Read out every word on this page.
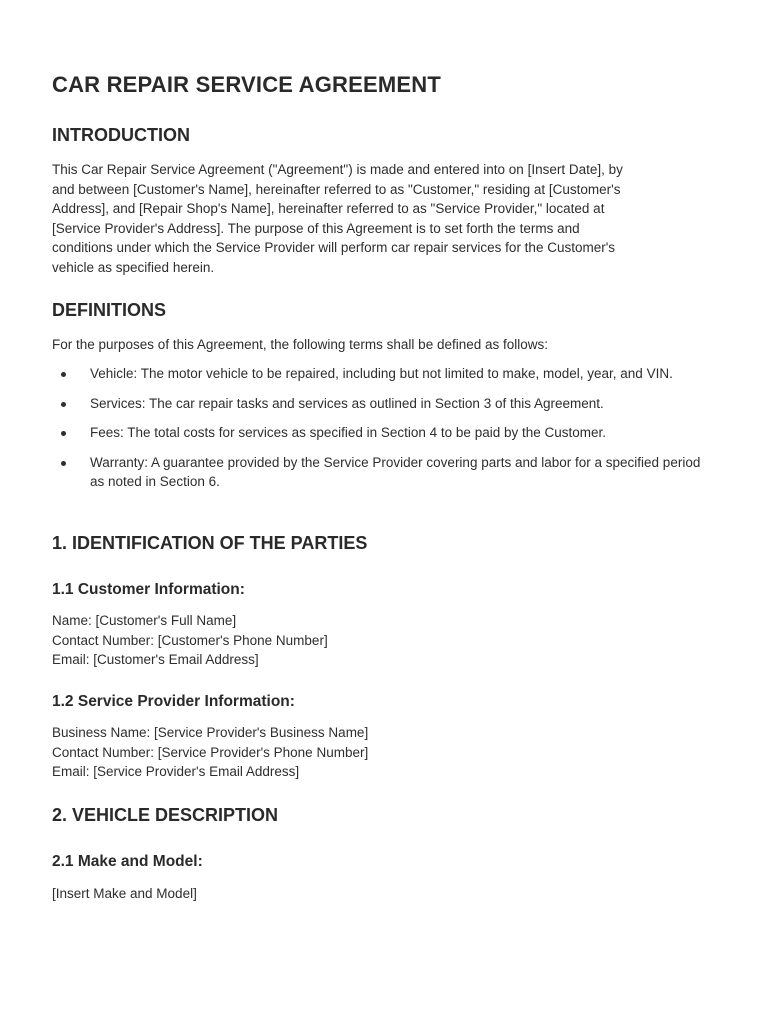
CAR REPAIR SERVICE AGREEMENT
INTRODUCTION
This Car Repair Service Agreement ("Agreement") is made and entered into on [Insert Date], by
and between [Customer's Name], hereinafter referred to as "Customer," residing at [Customer's
Address], and [Repair Shop's Name], hereinafter referred to as "Service Provider," located at
[Service Provider's Address]. The purpose of this Agreement is to set forth the terms and
conditions under which the Service Provider will perform car repair services for the Customer's
vehicle as specified herein.
DEFINITIONS

For the purposes of this Agreement, the following terms shall be defined as follows:

Vehicle: The motor vehicle to be repaired, including but not limited to make, model, year, and VIN.
Services: The car repair tasks and services as outlined in Section 3 of this Agreement.
Fees: The total costs for services as specified in Section 4 to be paid by the Customer.
Warranty: A guarantee provided by the Service Provider covering parts and labor for a specified period as noted in Section 6.
1. IDENTIFICATION OF THE PARTIES
1.1 Customer Information:
Name: [Customer's Full Name]
Contact Number: [Customer's Phone Number]
Email: [Customer's Email Address]
1.2 Service Provider Information:
Business Name: [Service Provider's Business Name]
Contact Number: [Service Provider's Phone Number]
Email: [Service Provider's Email Address]
2. VEHICLE DESCRIPTION
2.1 Make and Model:

[Insert Make and Model]
